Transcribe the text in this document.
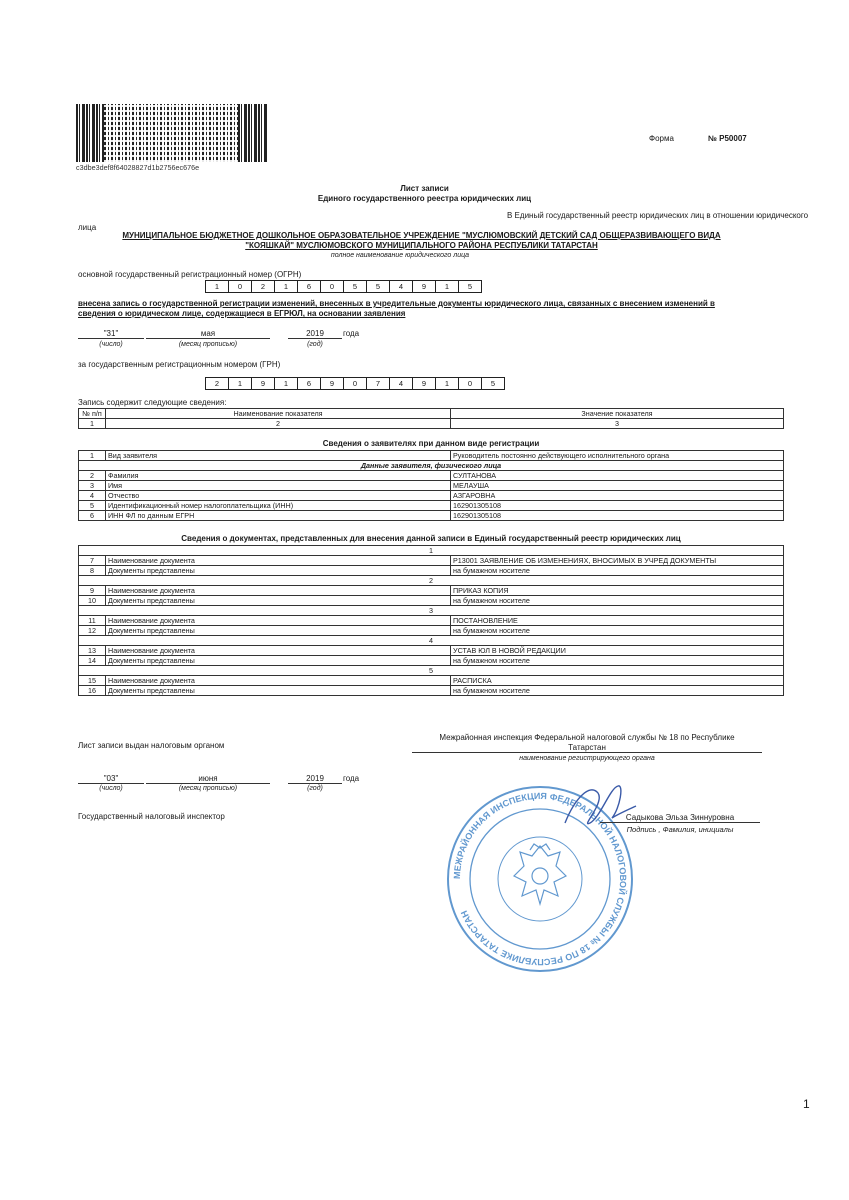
c3dbe3def8f64028827d1b2756ec676e
Форма	№ Р50007
Лист записи
Единого государственного реестра юридических лиц
В Единый государственный реестр юридических лиц в отношении юридического
лица
МУНИЦИПАЛЬНОЕ БЮДЖЕТНОЕ ДОШКОЛЬНОЕ ОБРАЗОВАТЕЛЬНОЕ УЧРЕЖДЕНИЕ "МУСЛЮМОВСКИЙ ДЕТСКИЙ САД ОБЩЕРАЗВИВАЮЩЕГО ВИДА
"КОЯШКАЙ" МУСЛЮМОВСКОГО МУНИЦИПАЛЬНОГО РАЙОНА РЕСПУБЛИКИ ТАТАРСТАН
полное наименование юридического лица
основной государственный регистрационный номер (ОГРН)
1	0	2	1	6	0	5	5	4	9	1	5
внесена запись о государственной регистрации изменений, внесенных в учредительные документы юридического лица, связанных с внесением изменений в
сведения о юридическом лице, содержащиеся в ЕГРЮЛ, на основании заявления
"31"	мая	2019	года
(число)	(месяц прописью)	(год)
за государственным регистрационным номером (ГРН)
2	1	9	1	6	9	0	7	4	9	1	0	5
Запись содержит следующие сведения:
№ п/п	Наименование показателя	Значение показателя
1	2	3
Сведения о заявителях при данном виде регистрации
1	Вид заявителя	Руководитель постоянно действующего исполнительного органа
Данные заявителя, физического лица		
2	Фамилия	СУЛТАНОВА
3	Имя	МЕЛАУША
4	Отчество	АЗГАРОВНА
5	Идентификационный номер налогоплательщика (ИНН)	162901305108
6	ИНН ФЛ по данным ЕГРН	162901305108
Сведения о документах, представленных для внесения данной записи в Единый государственный реестр юридических лиц
1		
7	Наименование документа	Р13001 ЗАЯВЛЕНИЕ ОБ ИЗМЕНЕНИЯХ, ВНОСИМЫХ В УЧРЕД ДОКУМЕНТЫ
8	Документы представлены	на бумажном носителе
2		
9	Наименование документа	ПРИКАЗ КОПИЯ
10	Документы представлены	на бумажном носителе
3		
11	Наименование документа	ПОСТАНОВЛЕНИЕ
12	Документы представлены	на бумажном носителе
4		
13	Наименование документа	УСТАВ ЮЛ В НОВОЙ РЕДАКЦИИ
14	Документы представлены	на бумажном носителе
5		
15	Наименование документа	РАСПИСКА
16	Документы представлены	на бумажном носителе
Лист записи выдан налоговым органом
Межрайонная инспекция Федеральной налоговой службы № 18 по Республике
Татарстан
наименование регистрирующего органа
"03"	июня	2019	года
(число)	(месяц прописью)	(год)
Государственный налоговый инспектор
МЕЖРАЙОННАЯ ИНСПЕКЦИЯ ФЕДЕРАЛЬНОЙ НАЛОГОВОЙ СЛУЖБЫ № 18 ПО РЕСПУБЛИКЕ ТАТАРСТАН
Садыкова Эльза Зиннуровна
Подпись , Фамилия, инициалы
1
